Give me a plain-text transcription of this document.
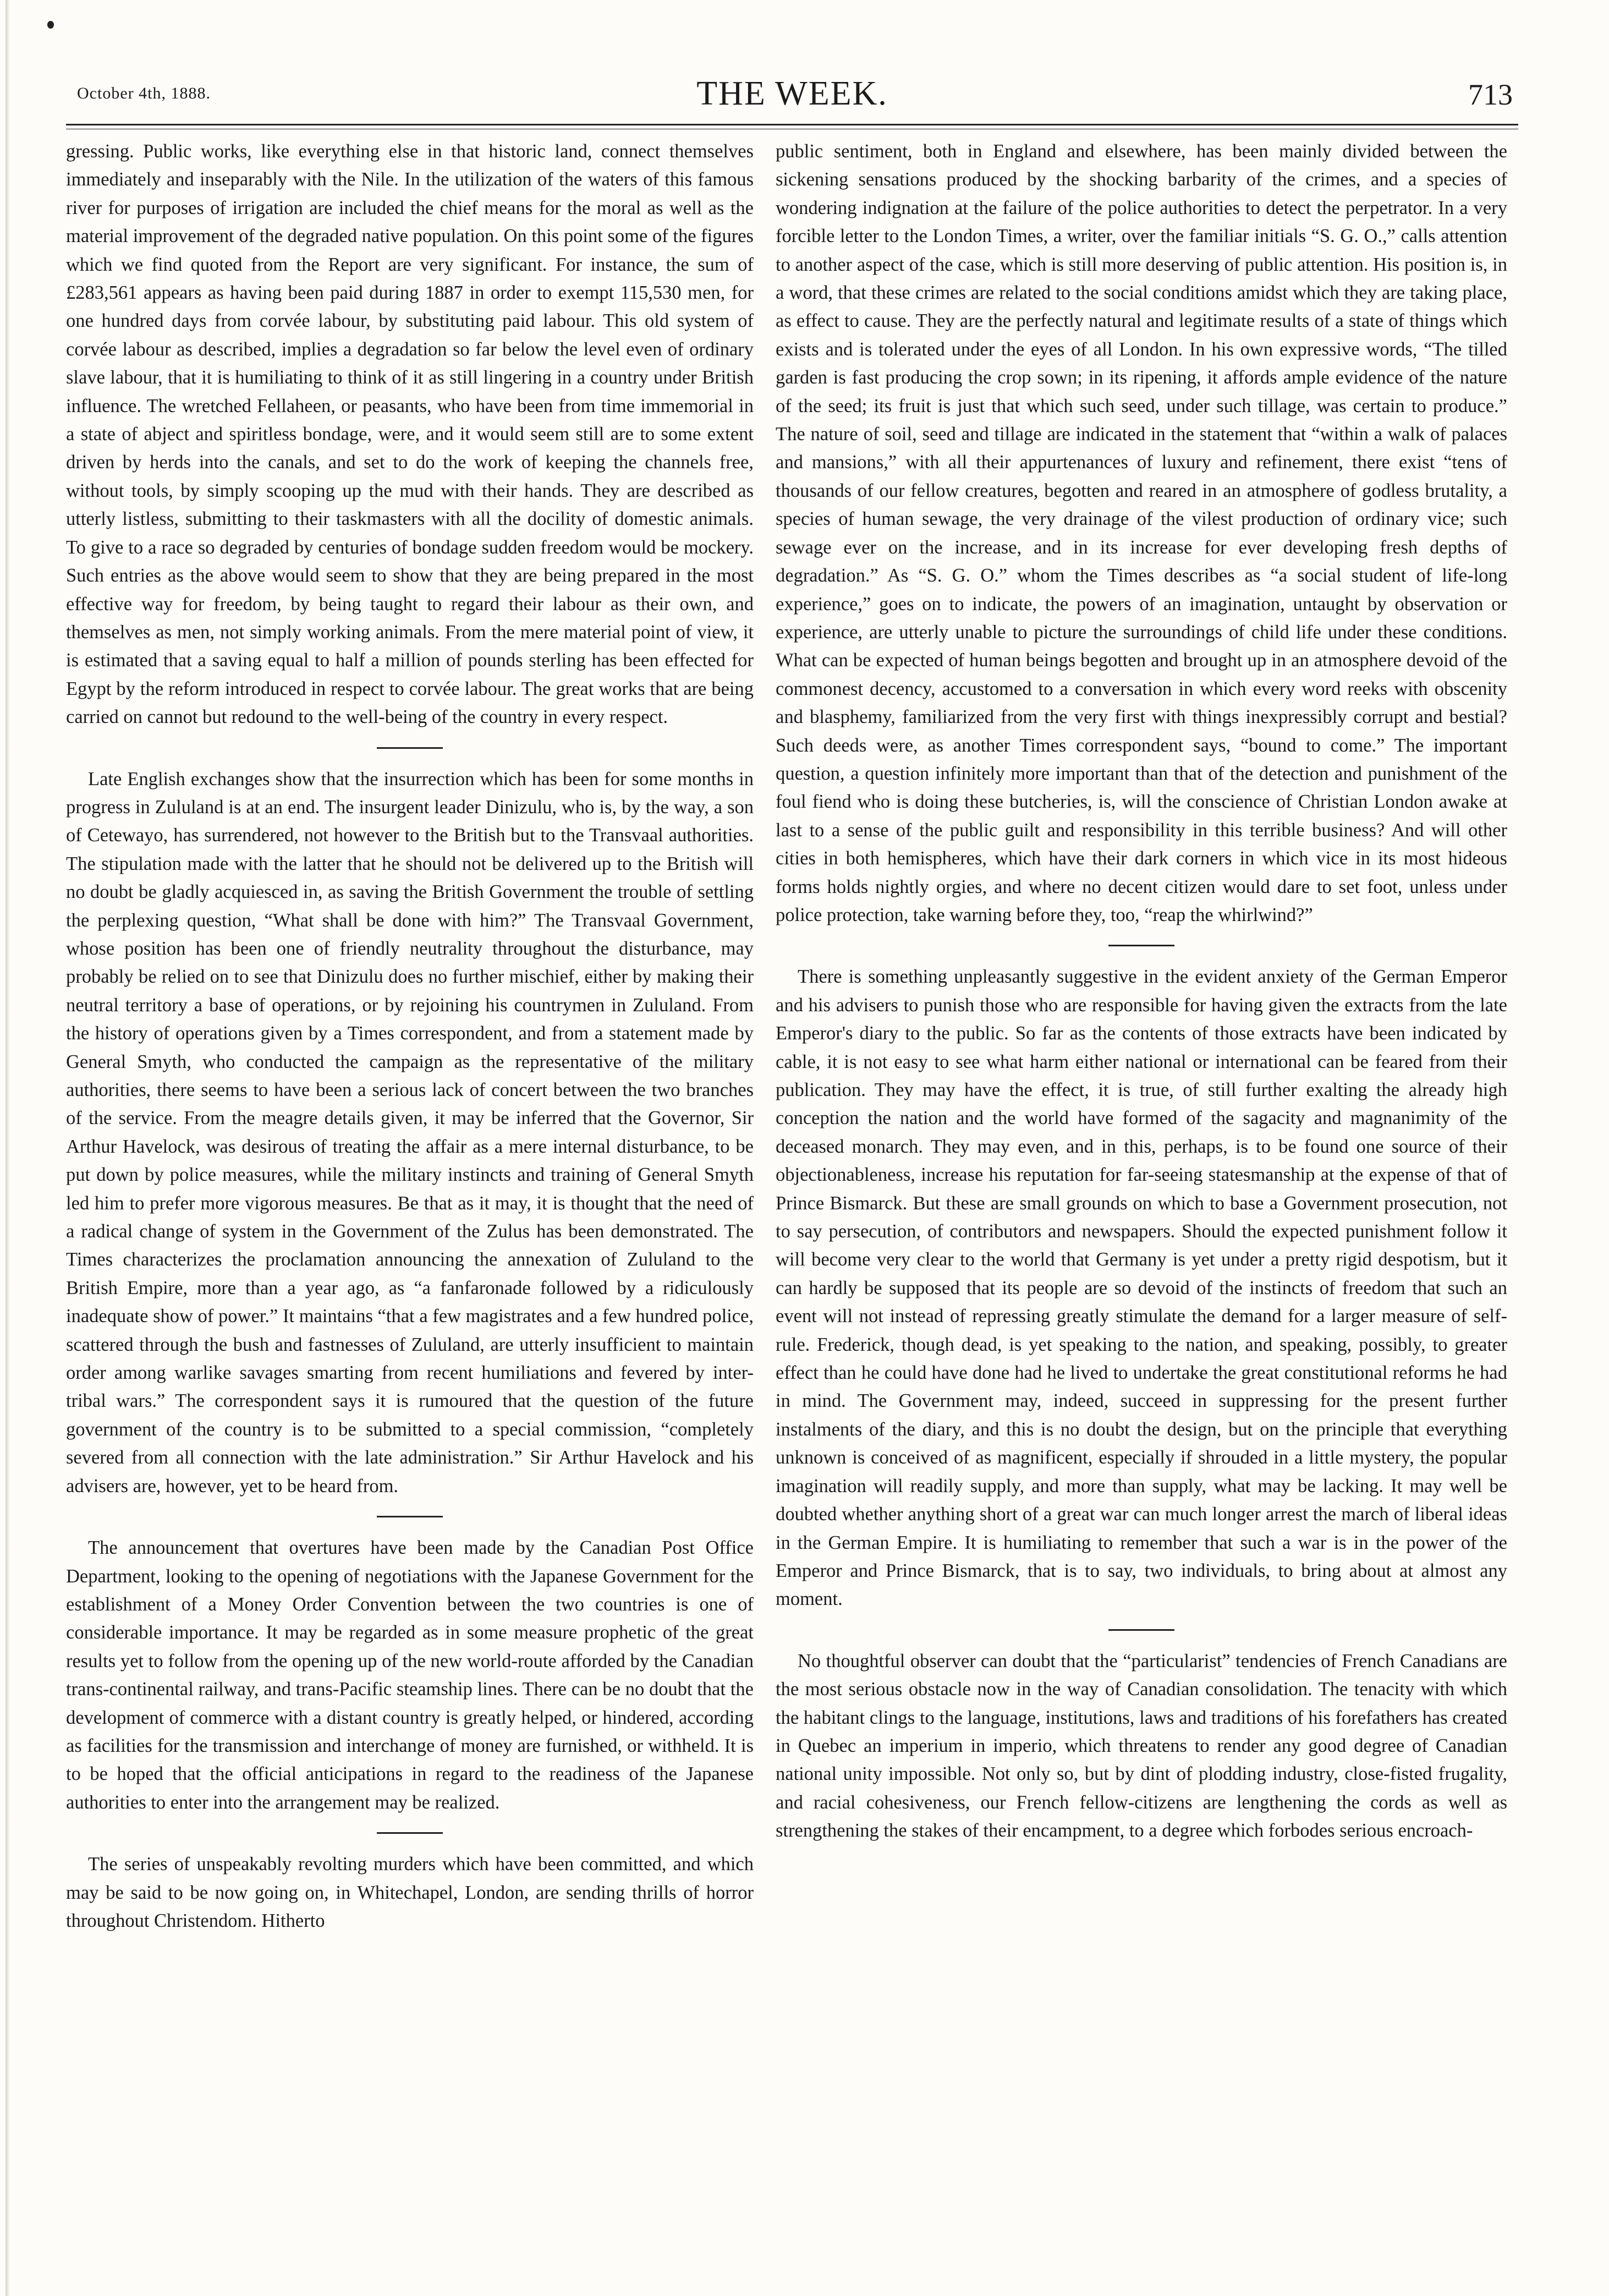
October 4th, 1888.	THE WEEK.	713

gressing. Public works, like everything else in that historic land, connect themselves immediately and inseparably with the Nile. In the utilization of the waters of this famous river for purposes of irrigation are included the chief means for the moral as well as the material improvement of the degraded native population. On this point some of the figures which we find quoted from the Report are very significant. For instance, the sum of £283,561 appears as having been paid during 1887 in order to exempt 115,530 men, for one hundred days from corvée labour, by substituting paid labour. This old system of corvée labour as described, implies a degradation so far below the level even of ordinary slave labour, that it is humiliating to think of it as still lingering in a country under British influence. The wretched Fellaheen, or peasants, who have been from time immemorial in a state of abject and spiritless bondage, were, and it would seem still are to some extent driven by herds into the canals, and set to do the work of keeping the channels free, without tools, by simply scooping up the mud with their hands. They are described as utterly listless, submitting to their taskmasters with all the docility of domestic animals. To give to a race so degraded by centuries of bondage sudden freedom would be mockery. Such entries as the above would seem to show that they are being prepared in the most effective way for freedom, by being taught to regard their labour as their own, and themselves as men, not simply working animals. From the mere material point of view, it is estimated that a saving equal to half a million of pounds sterling has been effected for Egypt by the reform introduced in respect to corvée labour. The great works that are being carried on cannot but redound to the well-being of the country in every respect.

Late English exchanges show that the insurrection which has been for some months in progress in Zululand is at an end. The insurgent leader Dinizulu, who is, by the way, a son of Cetewayo, has surrendered, not however to the British but to the Transvaal authorities. The stipulation made with the latter that he should not be delivered up to the British will no doubt be gladly acquiesced in, as saving the British Government the trouble of settling the perplexing question, “What shall be done with him?” The Transvaal Government, whose position has been one of friendly neutrality throughout the disturbance, may probably be relied on to see that Dinizulu does no further mischief, either by making their neutral territory a base of operations, or by rejoining his countrymen in Zululand. From the history of operations given by a Times correspondent, and from a statement made by General Smyth, who conducted the campaign as the representative of the military authorities, there seems to have been a serious lack of concert between the two branches of the service. From the meagre details given, it may be inferred that the Governor, Sir Arthur Havelock, was desirous of treating the affair as a mere internal disturbance, to be put down by police measures, while the military instincts and training of General Smyth led him to prefer more vigorous measures. Be that as it may, it is thought that the need of a radical change of system in the Government of the Zulus has been demonstrated. The Times characterizes the proclamation announcing the annexation of Zululand to the British Empire, more than a year ago, as “a fanfaronade followed by a ridiculously inadequate show of power.” It maintains “that a few magistrates and a few hundred police, scattered through the bush and fastnesses of Zululand, are utterly insufficient to maintain order among warlike savages smarting from recent humiliations and fevered by inter-tribal wars.” The correspondent says it is rumoured that the question of the future government of the country is to be submitted to a special commission, “completely severed from all connection with the late administration.” Sir Arthur Havelock and his advisers are, however, yet to be heard from.

The announcement that overtures have been made by the Canadian Post Office Department, looking to the opening of negotiations with the Japanese Government for the establishment of a Money Order Convention between the two countries is one of considerable importance. It may be regarded as in some measure prophetic of the great results yet to follow from the opening up of the new world-route afforded by the Canadian trans-continental railway, and trans-Pacific steamship lines. There can be no doubt that the development of commerce with a distant country is greatly helped, or hindered, according as facilities for the transmission and interchange of money are furnished, or withheld. It is to be hoped that the official anticipations in regard to the readiness of the Japanese authorities to enter into the arrangement may be realized.

The series of unspeakably revolting murders which have been committed, and which may be said to be now going on, in Whitechapel, London, are sending thrills of horror throughout Christendom. Hitherto

public sentiment, both in England and elsewhere, has been mainly divided between the sickening sensations produced by the shocking barbarity of the crimes, and a species of wondering indignation at the failure of the police authorities to detect the perpetrator. In a very forcible letter to the London Times, a writer, over the familiar initials “S. G. O.,” calls attention to another aspect of the case, which is still more deserving of public attention. His position is, in a word, that these crimes are related to the social conditions amidst which they are taking place, as effect to cause. They are the perfectly natural and legitimate results of a state of things which exists and is tolerated under the eyes of all London. In his own expressive words, “The tilled garden is fast producing the crop sown; in its ripening, it affords ample evidence of the nature of the seed; its fruit is just that which such seed, under such tillage, was certain to produce.” The nature of soil, seed and tillage are indicated in the statement that “within a walk of palaces and mansions,” with all their appurtenances of luxury and refinement, there exist “tens of thousands of our fellow creatures, begotten and reared in an atmosphere of godless brutality, a species of human sewage, the very drainage of the vilest production of ordinary vice; such sewage ever on the increase, and in its increase for ever developing fresh depths of degradation.” As “S. G. O.” whom the Times describes as “a social student of life-long experience,” goes on to indicate, the powers of an imagination, untaught by observation or experience, are utterly unable to picture the surroundings of child life under these conditions. What can be expected of human beings begotten and brought up in an atmosphere devoid of the commonest decency, accustomed to a conversation in which every word reeks with obscenity and blasphemy, familiarized from the very first with things inexpressibly corrupt and bestial? Such deeds were, as another Times correspondent says, “bound to come.” The important question, a question infinitely more important than that of the detection and punishment of the foul fiend who is doing these butcheries, is, will the conscience of Christian London awake at last to a sense of the public guilt and responsibility in this terrible business? And will other cities in both hemispheres, which have their dark corners in which vice in its most hideous forms holds nightly orgies, and where no decent citizen would dare to set foot, unless under police protection, take warning before they, too, “reap the whirlwind?”

There is something unpleasantly suggestive in the evident anxiety of the German Emperor and his advisers to punish those who are responsible for having given the extracts from the late Emperor's diary to the public. So far as the contents of those extracts have been indicated by cable, it is not easy to see what harm either national or international can be feared from their publication. They may have the effect, it is true, of still further exalting the already high conception the nation and the world have formed of the sagacity and magnanimity of the deceased monarch. They may even, and in this, perhaps, is to be found one source of their objectionableness, increase his reputation for far-seeing statesmanship at the expense of that of Prince Bismarck. But these are small grounds on which to base a Government prosecution, not to say persecution, of contributors and newspapers. Should the expected punishment follow it will become very clear to the world that Germany is yet under a pretty rigid despotism, but it can hardly be supposed that its people are so devoid of the instincts of freedom that such an event will not instead of repressing greatly stimulate the demand for a larger measure of self-rule. Frederick, though dead, is yet speaking to the nation, and speaking, possibly, to greater effect than he could have done had he lived to undertake the great constitutional reforms he had in mind. The Government may, indeed, succeed in suppressing for the present further instalments of the diary, and this is no doubt the design, but on the principle that everything unknown is conceived of as magnificent, especially if shrouded in a little mystery, the popular imagination will readily supply, and more than supply, what may be lacking. It may well be doubted whether anything short of a great war can much longer arrest the march of liberal ideas in the German Empire. It is humiliating to remember that such a war is in the power of the Emperor and Prince Bismarck, that is to say, two individuals, to bring about at almost any moment.

No thoughtful observer can doubt that the “particularist” tendencies of French Canadians are the most serious obstacle now in the way of Canadian consolidation. The tenacity with which the habitant clings to the language, institutions, laws and traditions of his forefathers has created in Quebec an imperium in imperio, which threatens to render any good degree of Canadian national unity impossible. Not only so, but by dint of plodding industry, close-fisted frugality, and racial cohesiveness, our French fellow-citizens are lengthening the cords as well as strengthening the stakes of their encampment, to a degree which forbodes serious encroach-
